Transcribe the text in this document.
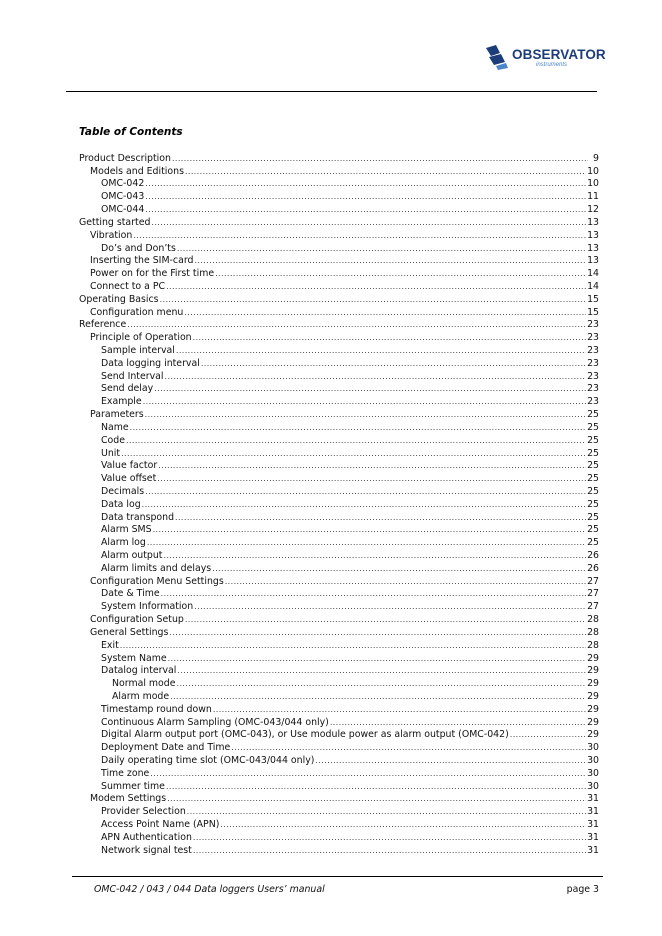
OBSERVATOR
instruments
Table of Contents
Product Description .....	9
Models and Editions .....	10
OMC-042 .....	10
OMC-043 .....	11
OMC-044 .....	12
Getting started .....	13
Vibration .....	13
Do’s and Don’ts .....	13
Inserting the SIM-card .....	13
Power on for the First time .....	14
Connect to a PC .....	14
Operating Basics .....	15
Configuration menu .....	15
Reference .....	23
Principle of Operation .....	23
Sample interval .....	23
Data logging interval .....	23
Send Interval .....	23
Send delay .....	23
Example .....	23
Parameters .....	25
Name .....	25
Code .....	25
Unit .....	25
Value factor .....	25
Value offset .....	25
Decimals .....	25
Data log .....	25
Data transpond .....	25
Alarm SMS .....	25
Alarm log .....	25
Alarm output .....	26
Alarm limits and delays .....	26
Configuration Menu Settings .....	27
Date & Time .....	27
System Information .....	27
Configuration Setup .....	28
General Settings .....	28
Exit .....	28
System Name .....	29
Datalog interval .....	29
Normal mode .....	29
Alarm mode .....	29
Timestamp round down .....	29
Continuous Alarm Sampling (OMC-043/044 only) .....	29
Digital Alarm output port (OMC-043), or Use module power as alarm output (OMC-042) .....	29
Deployment Date and Time .....	30
Daily operating time slot (OMC-043/044 only) .....	30
Time zone .....	30
Summer time .....	30
Modem Settings .....	31
Provider Selection .....	31
Access Point Name (APN) .....	31
APN Authentication .....	31
Network signal test .....	31
OMC-042 / 043 / 044 Data loggers Users’ manual	page 3
